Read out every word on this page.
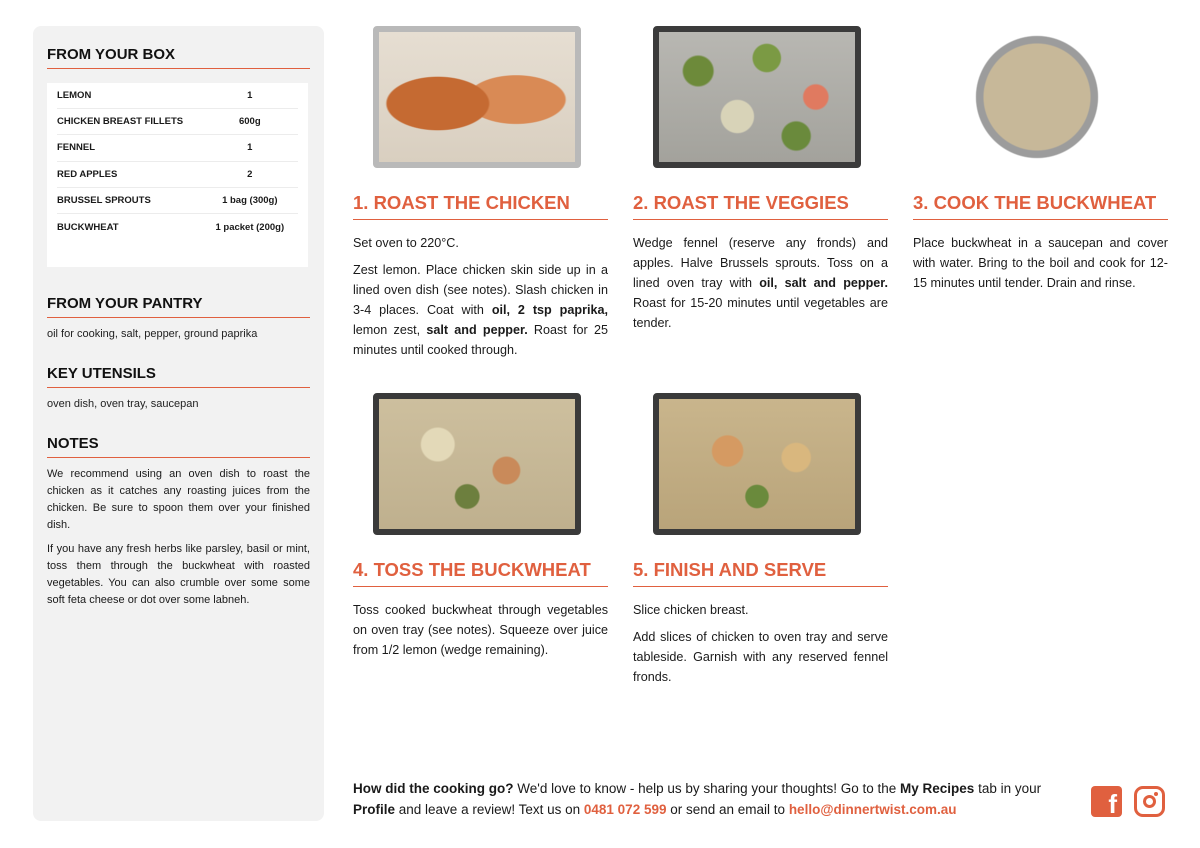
FROM YOUR BOX
LEMON	1
CHICKEN BREAST FILLETS	600g
FENNEL	1
RED APPLES	2
BRUSSEL SPROUTS	1 bag (300g)
BUCKWHEAT	1 packet (200g)
FROM YOUR PANTRY
oil for cooking, salt, pepper, ground paprika
KEY UTENSILS
oven dish, oven tray, saucepan
NOTES

We recommend using an oven dish to roast the chicken as it catches any roasting juices from the chicken. Be sure to spoon them over your finished dish.

If you have any fresh herbs like parsley, basil or mint, toss them through the buckwheat with roasted vegetables. You can also crumble over some some soft feta cheese or dot over some labneh.

1. ROAST THE CHICKEN

Set oven to 220°C.

Zest lemon. Place chicken skin side up in a lined oven dish (see notes). Slash chicken in 3-4 places. Coat with oil, 2 tsp paprika, lemon zest, salt and pepper. Roast for 25 minutes until cooked through.

2. ROAST THE VEGGIES

Wedge fennel (reserve any fronds) and apples. Halve Brussels sprouts. Toss on a lined oven tray with oil, salt and pepper. Roast for 15-20 minutes until vegetables are tender.

3. COOK THE BUCKWHEAT

Place buckwheat in a saucepan and cover with water. Bring to the boil and cook for 12-15 minutes until tender. Drain and rinse.

4. TOSS THE BUCKWHEAT

Toss cooked buckwheat through vegetables on oven tray (see notes). Squeeze over juice from 1/2 lemon (wedge remaining).

5. FINISH AND SERVE

Slice chicken breast.

Add slices of chicken to oven tray and serve tableside. Garnish with any reserved fennel fronds.

How did the cooking go? We'd love to know - help us by sharing your thoughts! Go to the My Recipes tab in your Profile and leave a review! Text us on 0481 072 599 or send an email to hello@dinnertwist.com.au	f
